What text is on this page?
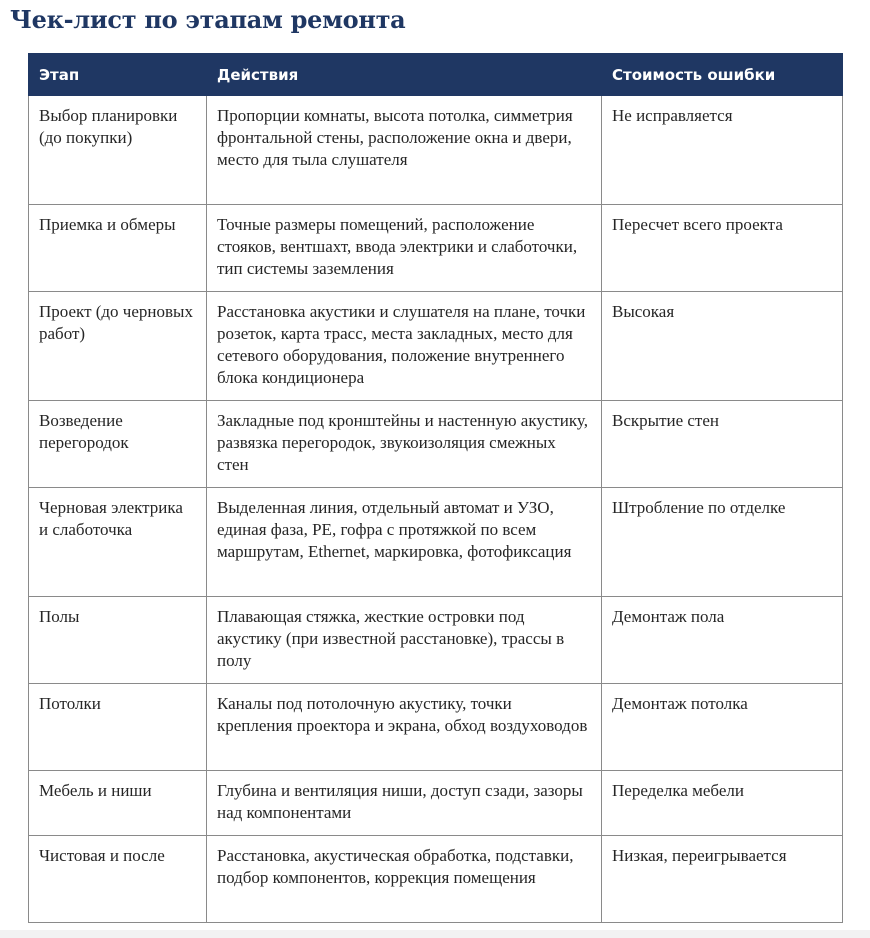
Чек-лист по этапам ремонта
Этап	Действия	Стоимость ошибки
Выбор планировки (до покупки)	Пропорции комнаты, высота потолка, симметрия фронтальной стены, расположение окна и двери, место для тыла слушателя	Не исправляется
Приемка и обмеры	Точные размеры помещений, расположение стояков, вентшахт, ввода электрики и слаботочки, тип системы заземления	Пересчет всего проекта
Проект (до черновых работ)	Расстановка акустики и слушателя на плане, точки розеток, карта трасс, места закладных, место для сетевого оборудования, положение внутреннего блока кондиционера	Высокая
Возведение перегородок	Закладные под кронштейны и настенную акустику, развязка перегородок, звукоизоляция смежных стен	Вскрытие стен
Черновая электрика и слаботочка	Выделенная линия, отдельный автомат и УЗО, единая фаза, PE, гофра с протяжкой по всем маршрутам, Ethernet, маркировка, фотофиксация	Штробление по отделке
Полы	Плавающая стяжка, жесткие островки под акустику (при известной расстановке), трассы в полу	Демонтаж пола
Потолки	Каналы под потолочную акустику, точки крепления проектора и экрана, обход воздуховодов	Демонтаж потолка
Мебель и ниши	Глубина и вентиляция ниши, доступ сзади, зазоры над компонентами	Переделка мебели
Чистовая и после	Расстановка, акустическая обработка, подставки, подбор компонентов, коррекция помещения	Низкая, переигрывается
